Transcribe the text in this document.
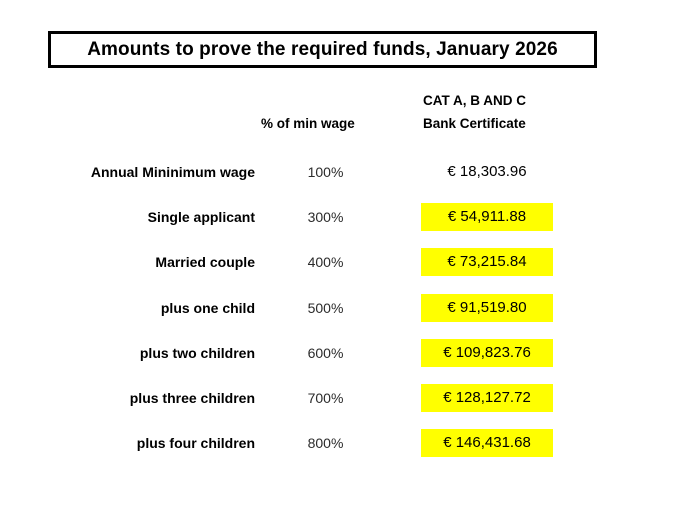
Amounts to prove the required funds, January 2026
% of min wage
CAT A, B AND C
Bank Certificate
Annual Mininimum wage	100%	€ 18,303.96
Single applicant	300%	€ 54,911.88
Married couple	400%	€ 73,215.84
plus one child	500%	€ 91,519.80
plus two children	600%	€ 109,823.76
plus three children	700%	€ 128,127.72
plus four children	800%	€ 146,431.68
